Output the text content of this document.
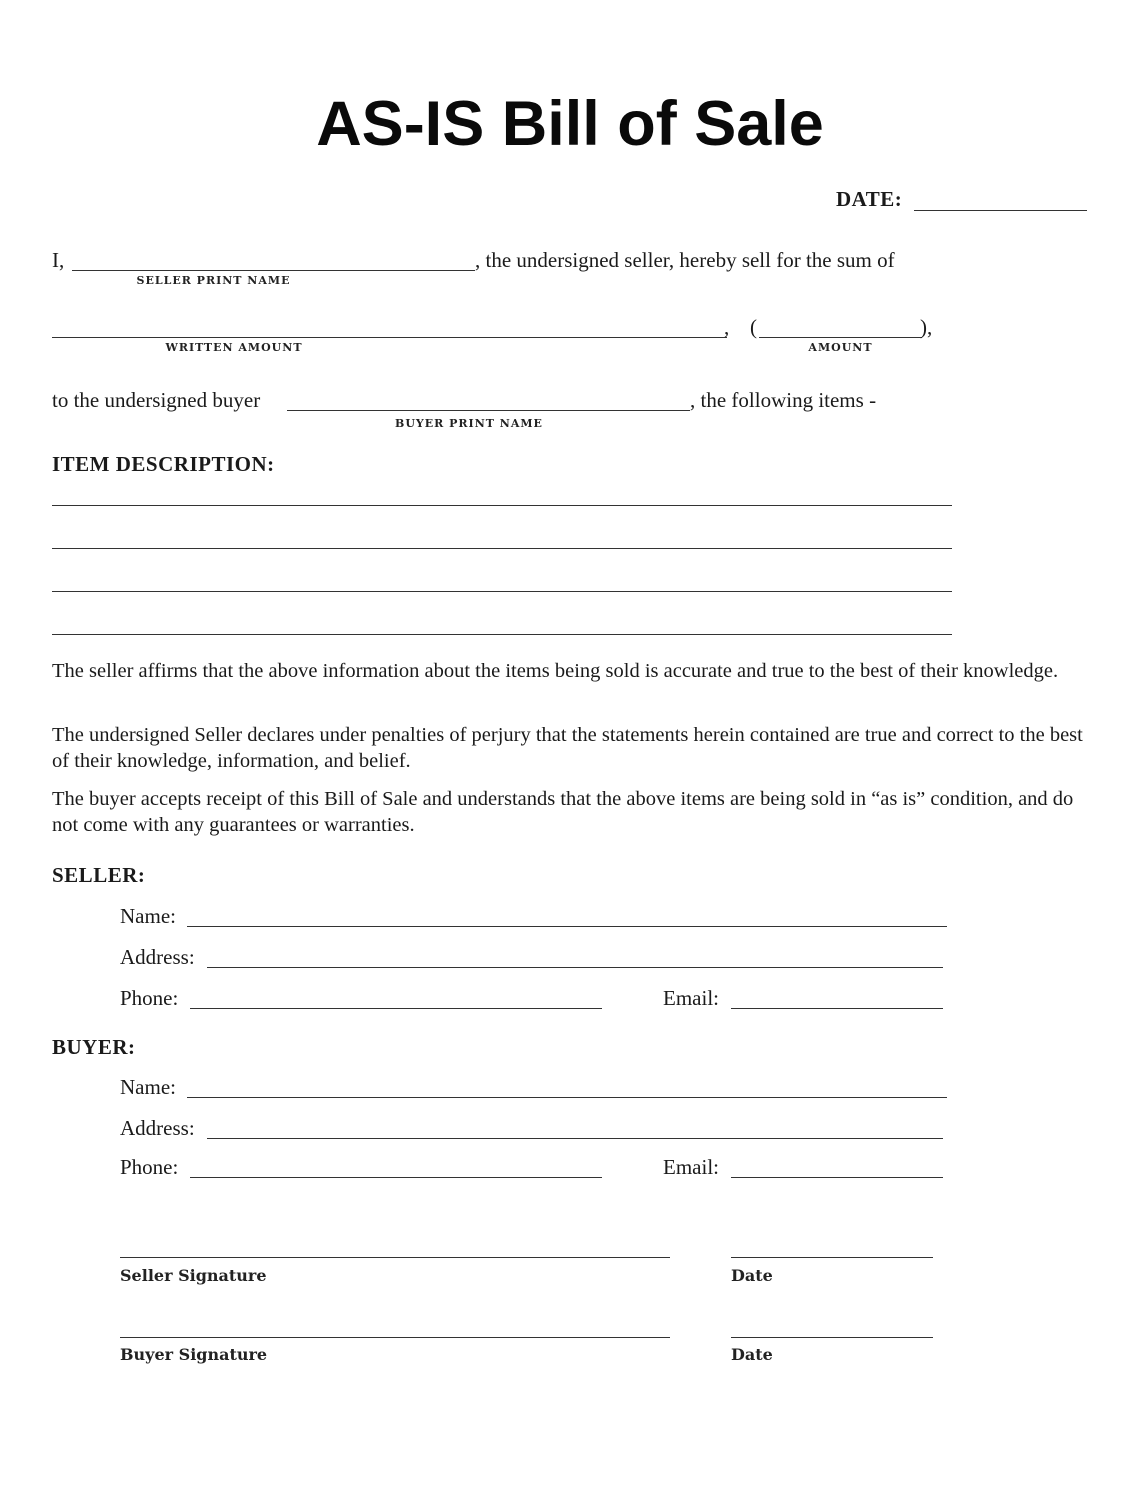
AS-IS Bill of Sale
DATE:
I,
SELLER PRINT NAME
, the undersigned seller, hereby sell for the sum of
,
WRITTEN AMOUNT
(	),
AMOUNT
to the undersigned buyer
BUYER PRINT NAME
, the following items -
ITEM DESCRIPTION:
The seller affirms that the above information about the items being sold is accurate and true to the best of their knowledge.
The undersigned Seller declares under penalties of perjury that the statements herein contained are true and correct to the best of their knowledge, information, and belief.
The buyer accepts receipt of this Bill of Sale and understands that the above items are being sold in “as is” condition, and do not come with any guarantees or warranties.
SELLER:
Name:
Address:
Phone:	Email:
BUYER:
Name:
Address:
Phone:	Email:
Seller Signature	Date
Buyer Signature	Date
